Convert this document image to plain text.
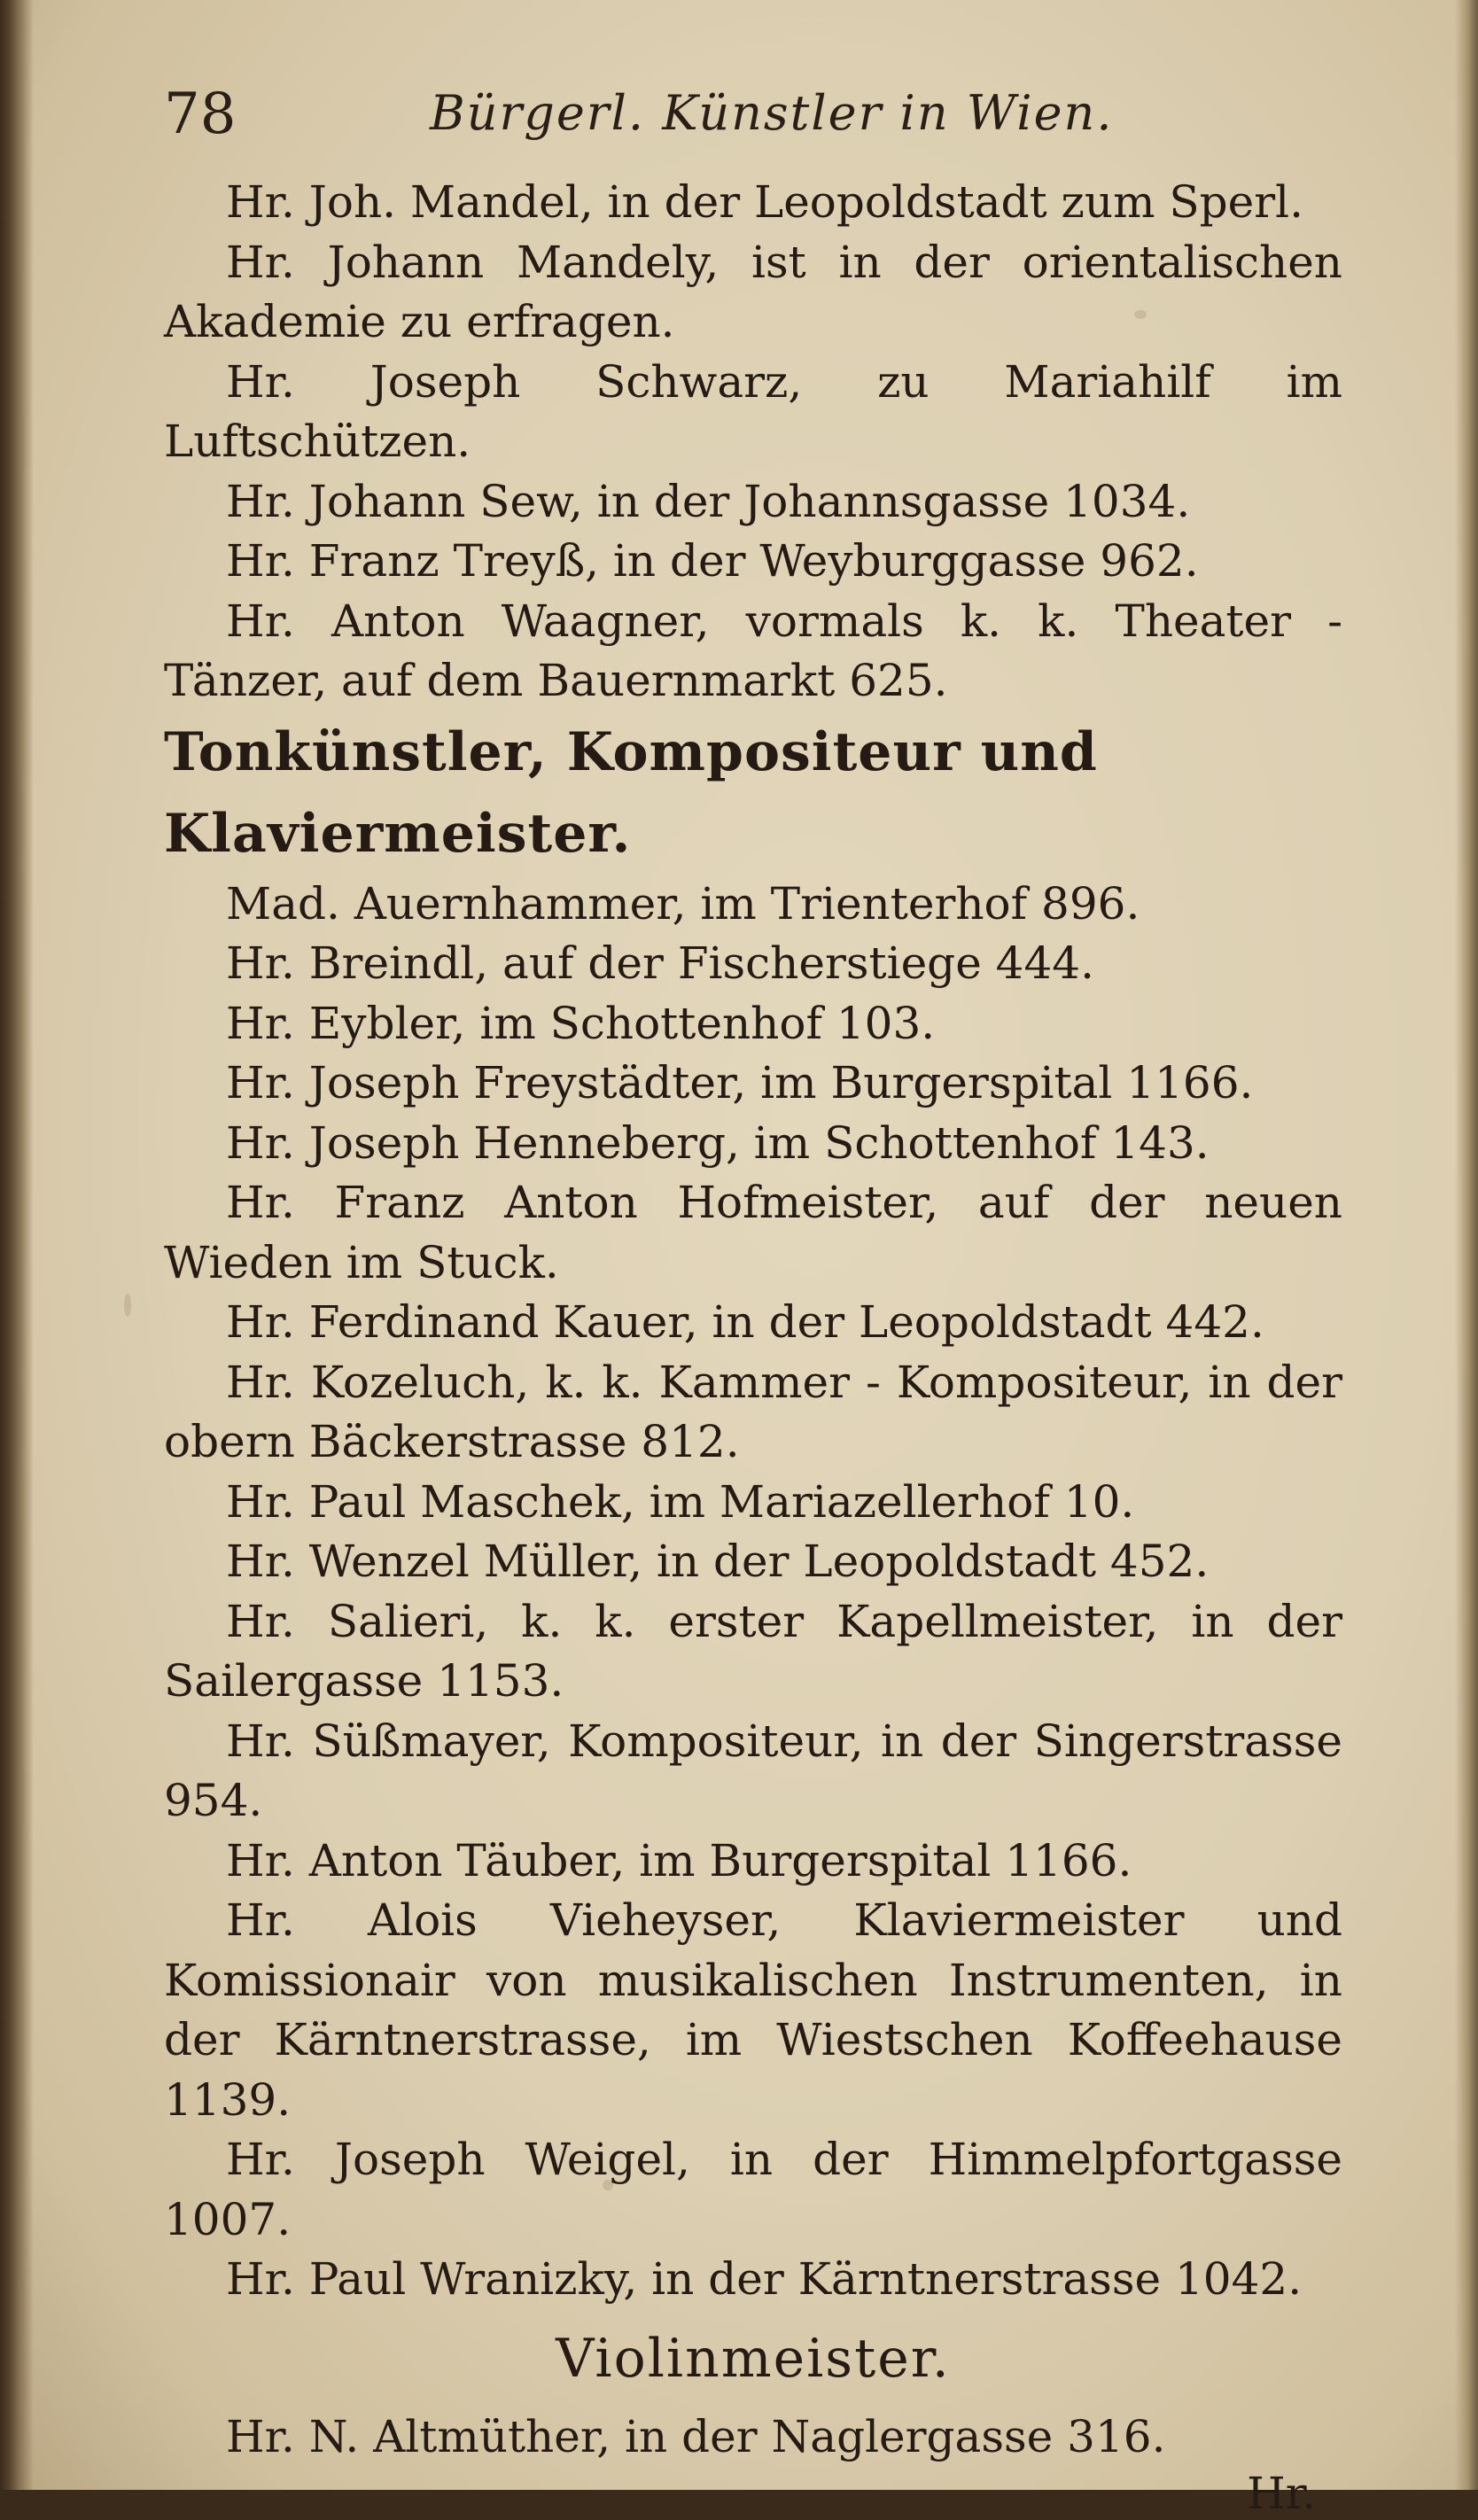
78	Bürgerl. Künstler in Wien.

Hr. Joh. Mandel, in der Leopoldstadt zum Sperl.

Hr. Johann Mandely, ist in der orientalischen Akademie zu erfragen.

Hr. Joseph Schwarz, zu Mariahilf im Luftschützen.

Hr. Johann Sew, in der Johannsgasse 1034.

Hr. Franz Treyß, in der Weyburggasse 962.

Hr. Anton Waagner, vormals k. k. Theater - Tänzer, auf dem Bauernmarkt 625.

Tonkünstler, Kompositeur und Klaviermeister.

Mad. Auernhammer, im Trienterhof 896.

Hr. Breindl, auf der Fischerstiege 444.

Hr. Eybler, im Schottenhof 103.

Hr. Joseph Freystädter, im Burgerspital 1166.

Hr. Joseph Henneberg, im Schottenhof 143.

Hr. Franz Anton Hofmeister, auf der neuen Wieden im Stuck.

Hr. Ferdinand Kauer, in der Leopoldstadt 442.

Hr. Kozeluch, k. k. Kammer - Kompositeur, in der obern Bäckerstrasse 812.

Hr. Paul Maschek, im Mariazellerhof 10.

Hr. Wenzel Müller, in der Leopoldstadt 452.

Hr. Salieri, k. k. erster Kapellmeister, in der Sailergasse 1153.

Hr. Süßmayer, Kompositeur, in der Singerstrasse 954.

Hr. Anton Täuber, im Burgerspital 1166.

Hr. Alois Vieheyser, Klaviermeister und Komissionair von musikalischen Instrumenten, in der Kärntnerstrasse, im Wiestschen Koffeehause 1139.

Hr. Joseph Weigel, in der Himmelpfortgasse 1007.

Hr. Paul Wranizky, in der Kärntnerstrasse 1042.

Violinmeister.

Hr. N. Altmüther, in der Naglergasse 316.

Hr.
